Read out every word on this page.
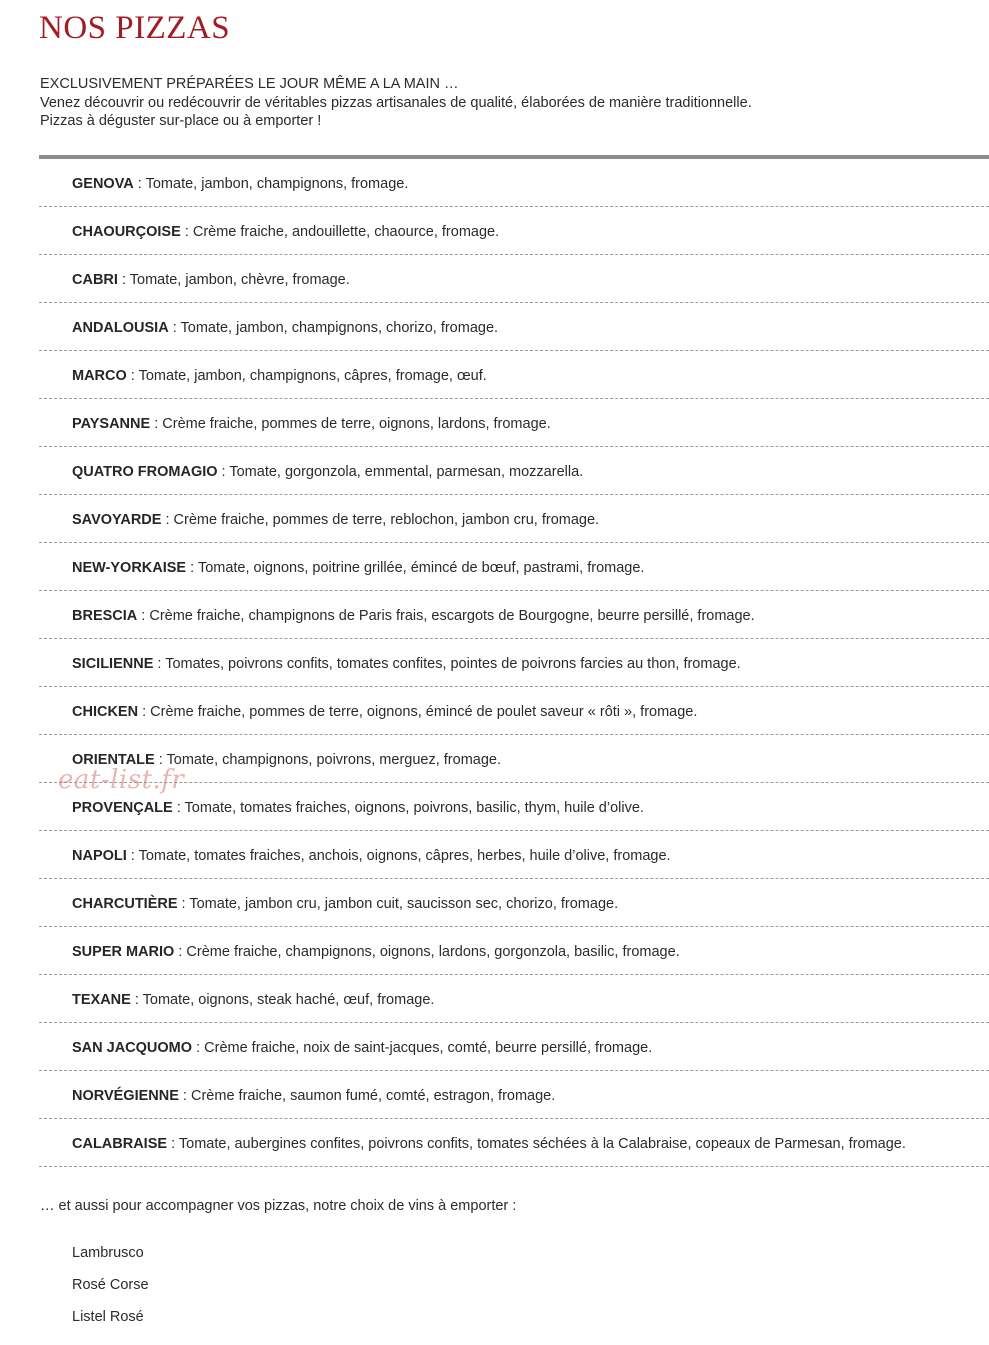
NOS PIZZAS
EXCLUSIVEMENT PRÉPARÉES LE JOUR MÊME A LA MAIN …
Venez découvrir ou redécouvrir de véritables pizzas artisanales de qualité, élaborées de manière traditionnelle.
Pizzas à déguster sur-place ou à emporter !
GENOVA : Tomate, jambon, champignons, fromage.
CHAOURÇOISE : Crème fraiche, andouillette, chaource, fromage.
CABRI : Tomate, jambon, chèvre, fromage.
ANDALOUSIA : Tomate, jambon, champignons, chorizo, fromage.
MARCO : Tomate, jambon, champignons, câpres, fromage, œuf.
PAYSANNE : Crème fraiche, pommes de terre, oignons, lardons, fromage.
QUATRO FROMAGIO : Tomate, gorgonzola, emmental, parmesan, mozzarella.
SAVOYARDE : Crème fraiche, pommes de terre, reblochon, jambon cru, fromage.
NEW-YORKAISE : Tomate, oignons, poitrine grillée, émincé de bœuf, pastrami, fromage.
BRESCIA : Crème fraiche, champignons de Paris frais, escargots de Bourgogne, beurre persillé, fromage.
SICILIENNE : Tomates, poivrons confits, tomates confites, pointes de poivrons farcies au thon, fromage.
CHICKEN : Crème fraiche, pommes de terre, oignons, émincé de poulet saveur « rôti », fromage.
ORIENTALE : Tomate, champignons, poivrons, merguez, fromage.
PROVENÇALE : Tomate, tomates fraiches, oignons, poivrons, basilic, thym, huile d’olive.
NAPOLI : Tomate, tomates fraiches, anchois, oignons, câpres, herbes, huile d’olive, fromage.
CHARCUTIÈRE : Tomate, jambon cru, jambon cuit, saucisson sec, chorizo, fromage.
SUPER MARIO : Crème fraiche, champignons, oignons, lardons, gorgonzola, basilic, fromage.
TEXANE : Tomate, oignons, steak haché, œuf, fromage.
SAN JACQUOMO : Crème fraiche, noix de saint-jacques, comté, beurre persillé, fromage.
NORVÉGIENNE : Crème fraiche, saumon fumé, comté, estragon, fromage.
CALABRAISE : Tomate, aubergines confites, poivrons confits, tomates séchées à la Calabraise, copeaux de Parmesan, fromage.
eat-list.fr
… et aussi pour accompagner vos pizzas, notre choix de vins à emporter :
Lambrusco
Rosé Corse
Listel Rosé
